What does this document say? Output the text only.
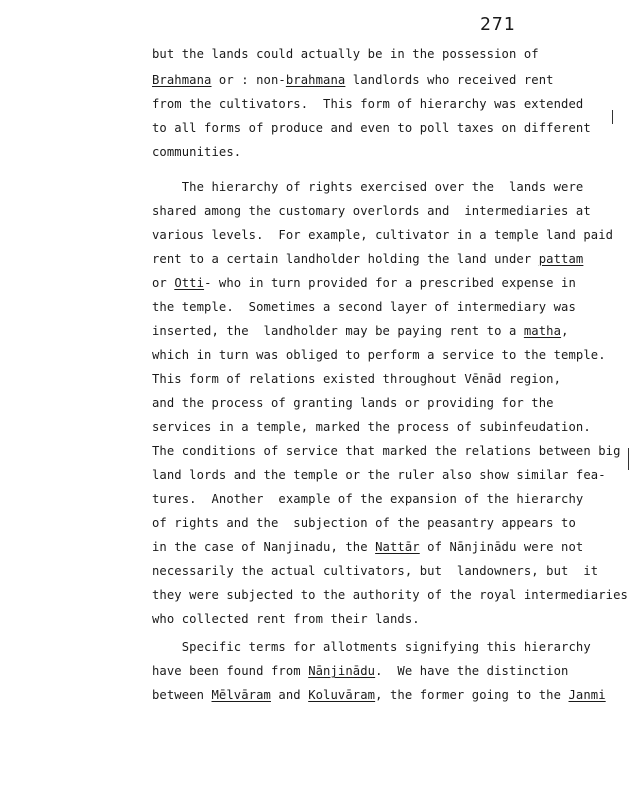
271
but the lands could actually be in the possession of
Brahmana or : non-brahmana landlords who received rent
from the cultivators.  This form of hierarchy was extended
to all forms of produce and even to poll taxes on different
communities.
The hierarchy of rights exercised over the  lands were
shared among the customary overlords and  intermediaries at
various levels.  For example, cultivator in a temple land paid
rent to a certain landholder holding the land under pattam
or Otti- who in turn provided for a prescribed expense in
the temple.  Sometimes a second layer of intermediary was
inserted, the  landholder may be paying rent to a matha,
which in turn was obliged to perform a service to the temple.
This form of relations existed throughout Vēnād region,
and the process of granting lands or providing for the
services in a temple, marked the process of subinfeudation.
The conditions of service that marked the relations between big
land lords and the temple or the ruler also show similar fea-
tures.  Another  example of the expansion of the hierarchy
of rights and the  subjection of the peasantry appears to
in the case of Nanjinadu, the Nattār of Nānjinādu were not
necessarily the actual cultivators, but  landowners, but  it
they were subjected to the authority of the royal intermediaries
who collected rent from their lands.
Specific terms for allotments signifying this hierarchy
have been found from Nānjinādu.  We have the distinction
between Mēlvāram and Koluvāram, the former going to the Janmi
